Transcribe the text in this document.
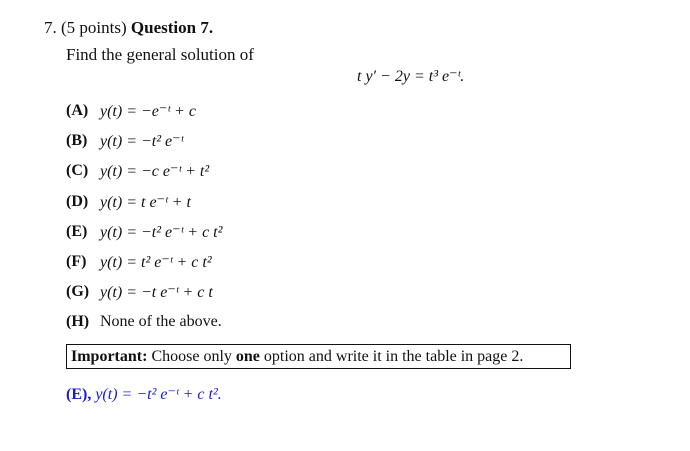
7. (5 points) Question 7.
Find the general solution of
t y′ − 2y = t³ e⁻ᵗ.
(A) y(t) = −e⁻ᵗ + c
(B) y(t) = −t² e⁻ᵗ
(C) y(t) = −c e⁻ᵗ + t²
(D) y(t) = t e⁻ᵗ + t
(E) y(t) = −t² e⁻ᵗ + c t²
(F) y(t) = t² e⁻ᵗ + c t²
(G) y(t) = −t e⁻ᵗ + c t
(H) None of the above.
Important: Choose only one option and write it in the table in page 2.
(E), y(t) = −t² e⁻ᵗ + c t².
